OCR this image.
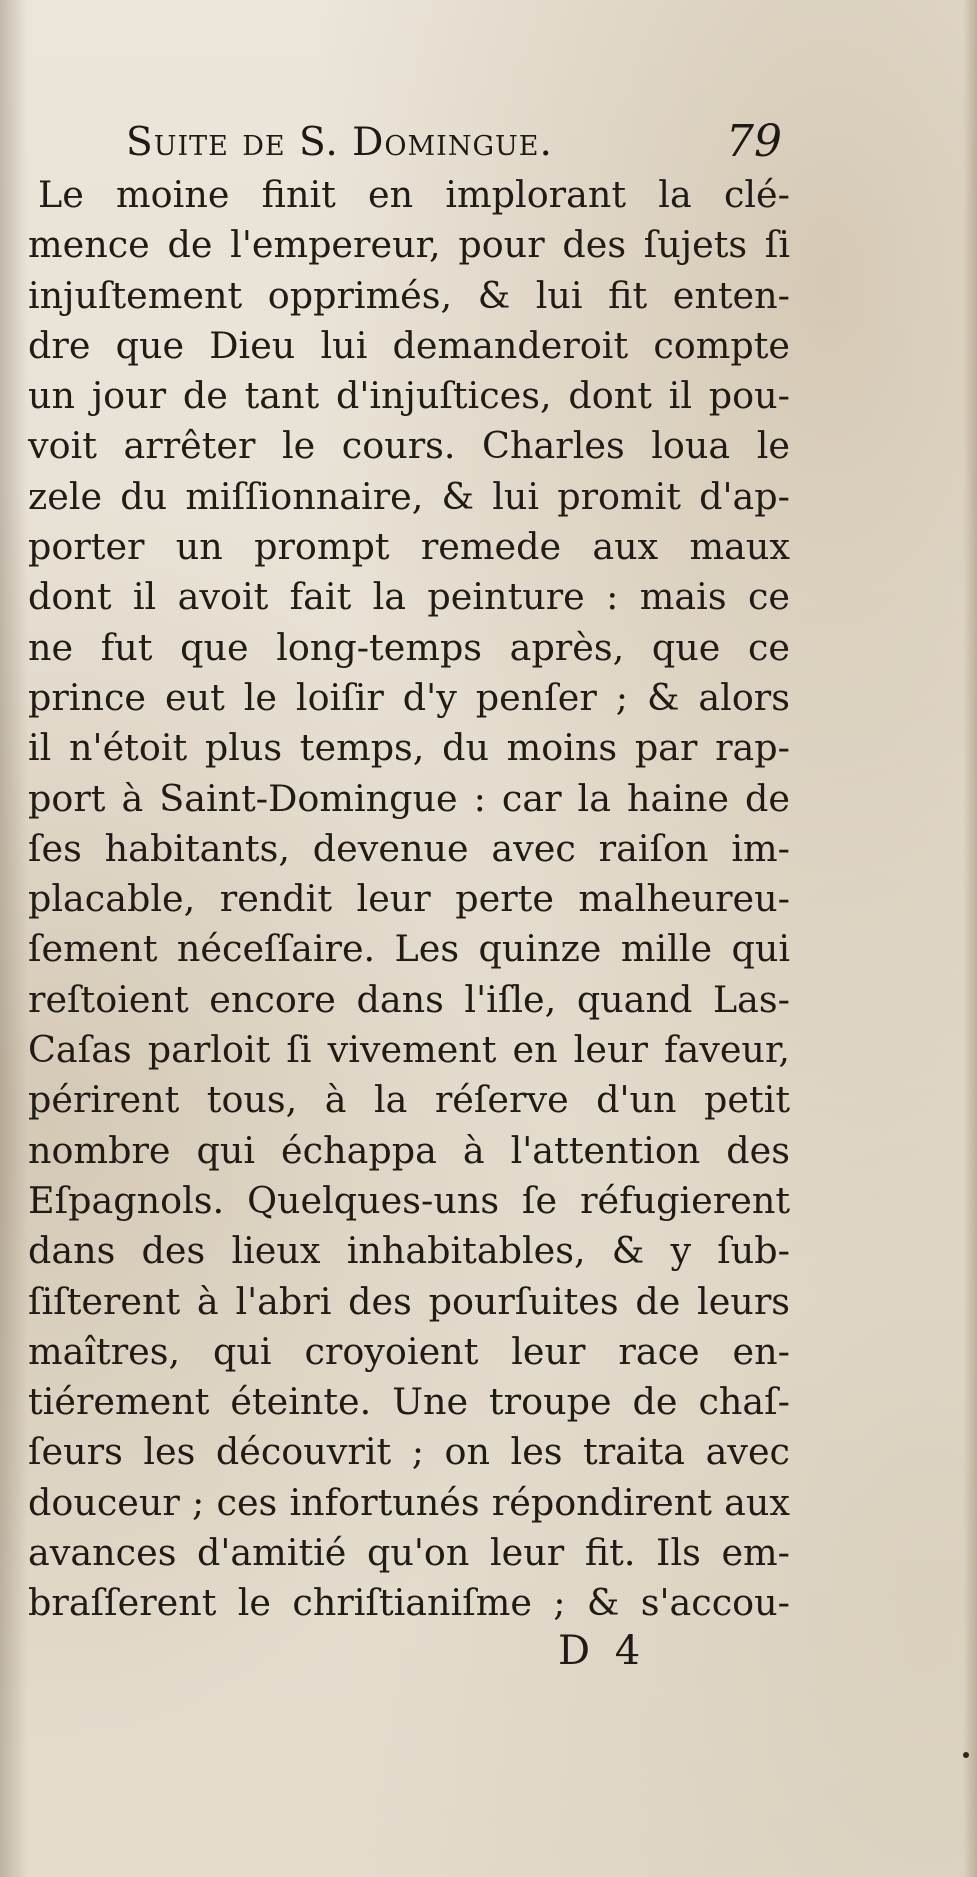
Suite de S. Domingue.	79
Le moine finit en implorant la clé-
mence de l'empereur, pour des ſujets ſi
injuſtement opprimés, & lui fit enten-
dre que Dieu lui demanderoit compte
un jour de tant d'injuſtices, dont il pou-
voit arrêter le cours. Charles loua le
zele du miſſionnaire, & lui promit d'ap-
porter un prompt remede aux maux
dont il avoit fait la peinture : mais ce
ne fut que long-temps après, que ce
prince eut le loiſir d'y penſer ; & alors
il n'étoit plus temps, du moins par rap-
port à Saint-Domingue : car la haine de
ſes habitants, devenue avec raiſon im-
placable, rendit leur perte malheureu-
ſement néceſſaire. Les quinze mille qui
reſtoient encore dans l'iſle, quand Las-
Caſas parloit ſi vivement en leur faveur,
périrent tous, à la réſerve d'un petit
nombre qui échappa à l'attention des
Eſpagnols. Quelques-uns ſe réfugierent
dans des lieux inhabitables, & y ſub-
ſiſterent à l'abri des pourſuites de leurs
maîtres, qui croyoient leur race en-
tiérement éteinte. Une troupe de chaſ-
ſeurs les découvrit ; on les traita avec
douceur ; ces infortunés répondirent aux
avances d'amitié qu'on leur fit. Ils em-
braſſerent le chriſtianiſme ; & s'accou-
D 4
